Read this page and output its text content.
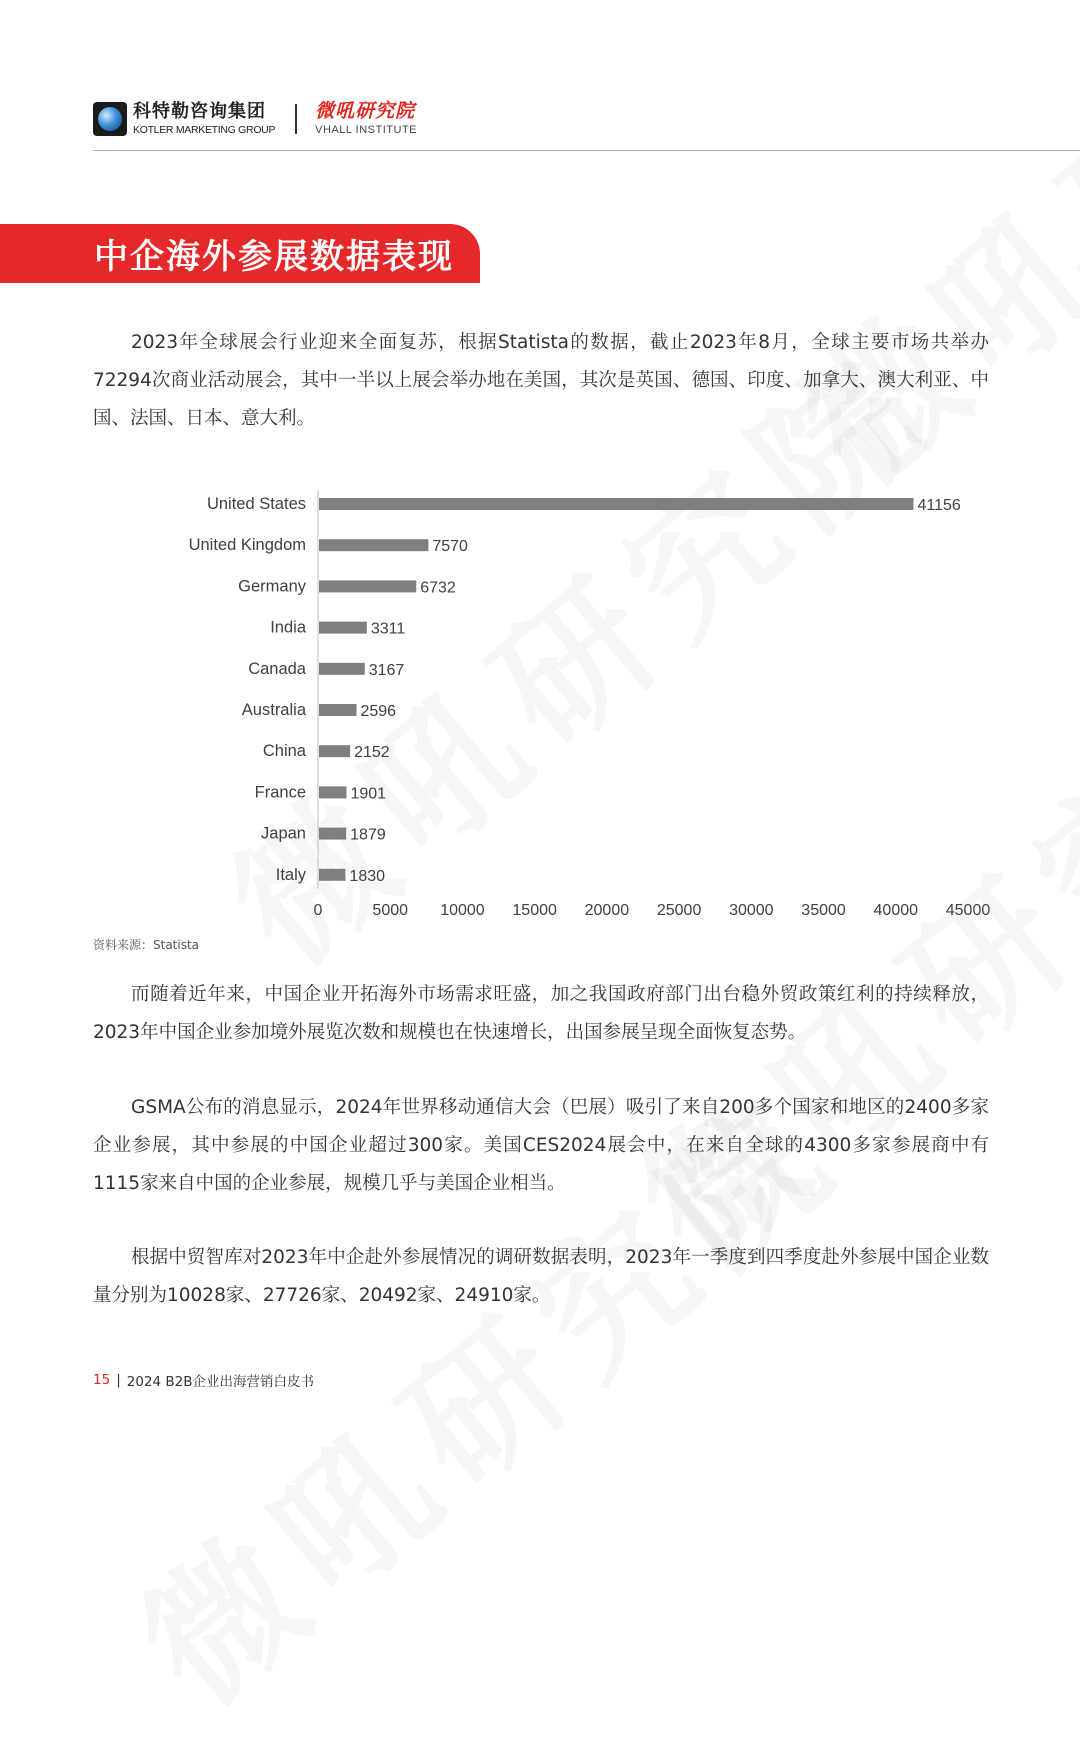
科特勒咨询集团
KOTLER MARKETING GROUP
微吼研究院
VHALL INSTITUTE
中企海外参展数据表现

2023年全球展会行业迎来全面复苏，根据Statista的数据，截止2023年8月，全球主要市场共举办72294次商业活动展会，其中一半以上展会举办地在美国，其次是英国、德国、印度、加拿大、澳大利亚、中国、法国、日本、意大利。

United States	41156
United Kingdom	7570
Germany	6732
India	3311
Canada	3167
Australia	2596
China	2152
France	1901
Japan	1879
Italy	1830
0	5000 10000 15000 20000 25000 30000 35000 40000 45000
资料来源：Statista

而随着近年来，中国企业开拓海外市场需求旺盛，加之我国政府部门出台稳外贸政策红利的持续释放，2023年中国企业参加境外展览次数和规模也在快速增长，出国参展呈现全面恢复态势。

GSMA公布的消息显示，2024年世界移动通信大会（巴展）吸引了来自200多个国家和地区的2400多家企业参展，其中参展的中国企业超过300家。美国CES2024展会中，在来自全球的4300多家参展商中有1115家来自中国的企业参展，规模几乎与美国企业相当。

根据中贸智库对2023年中企赴外参展情况的调研数据表明，2023年一季度到四季度赴外参展中国企业数量分别为10028家、27726家、20492家、24910家。

15 | 2024 B2B企业出海营销白皮书
